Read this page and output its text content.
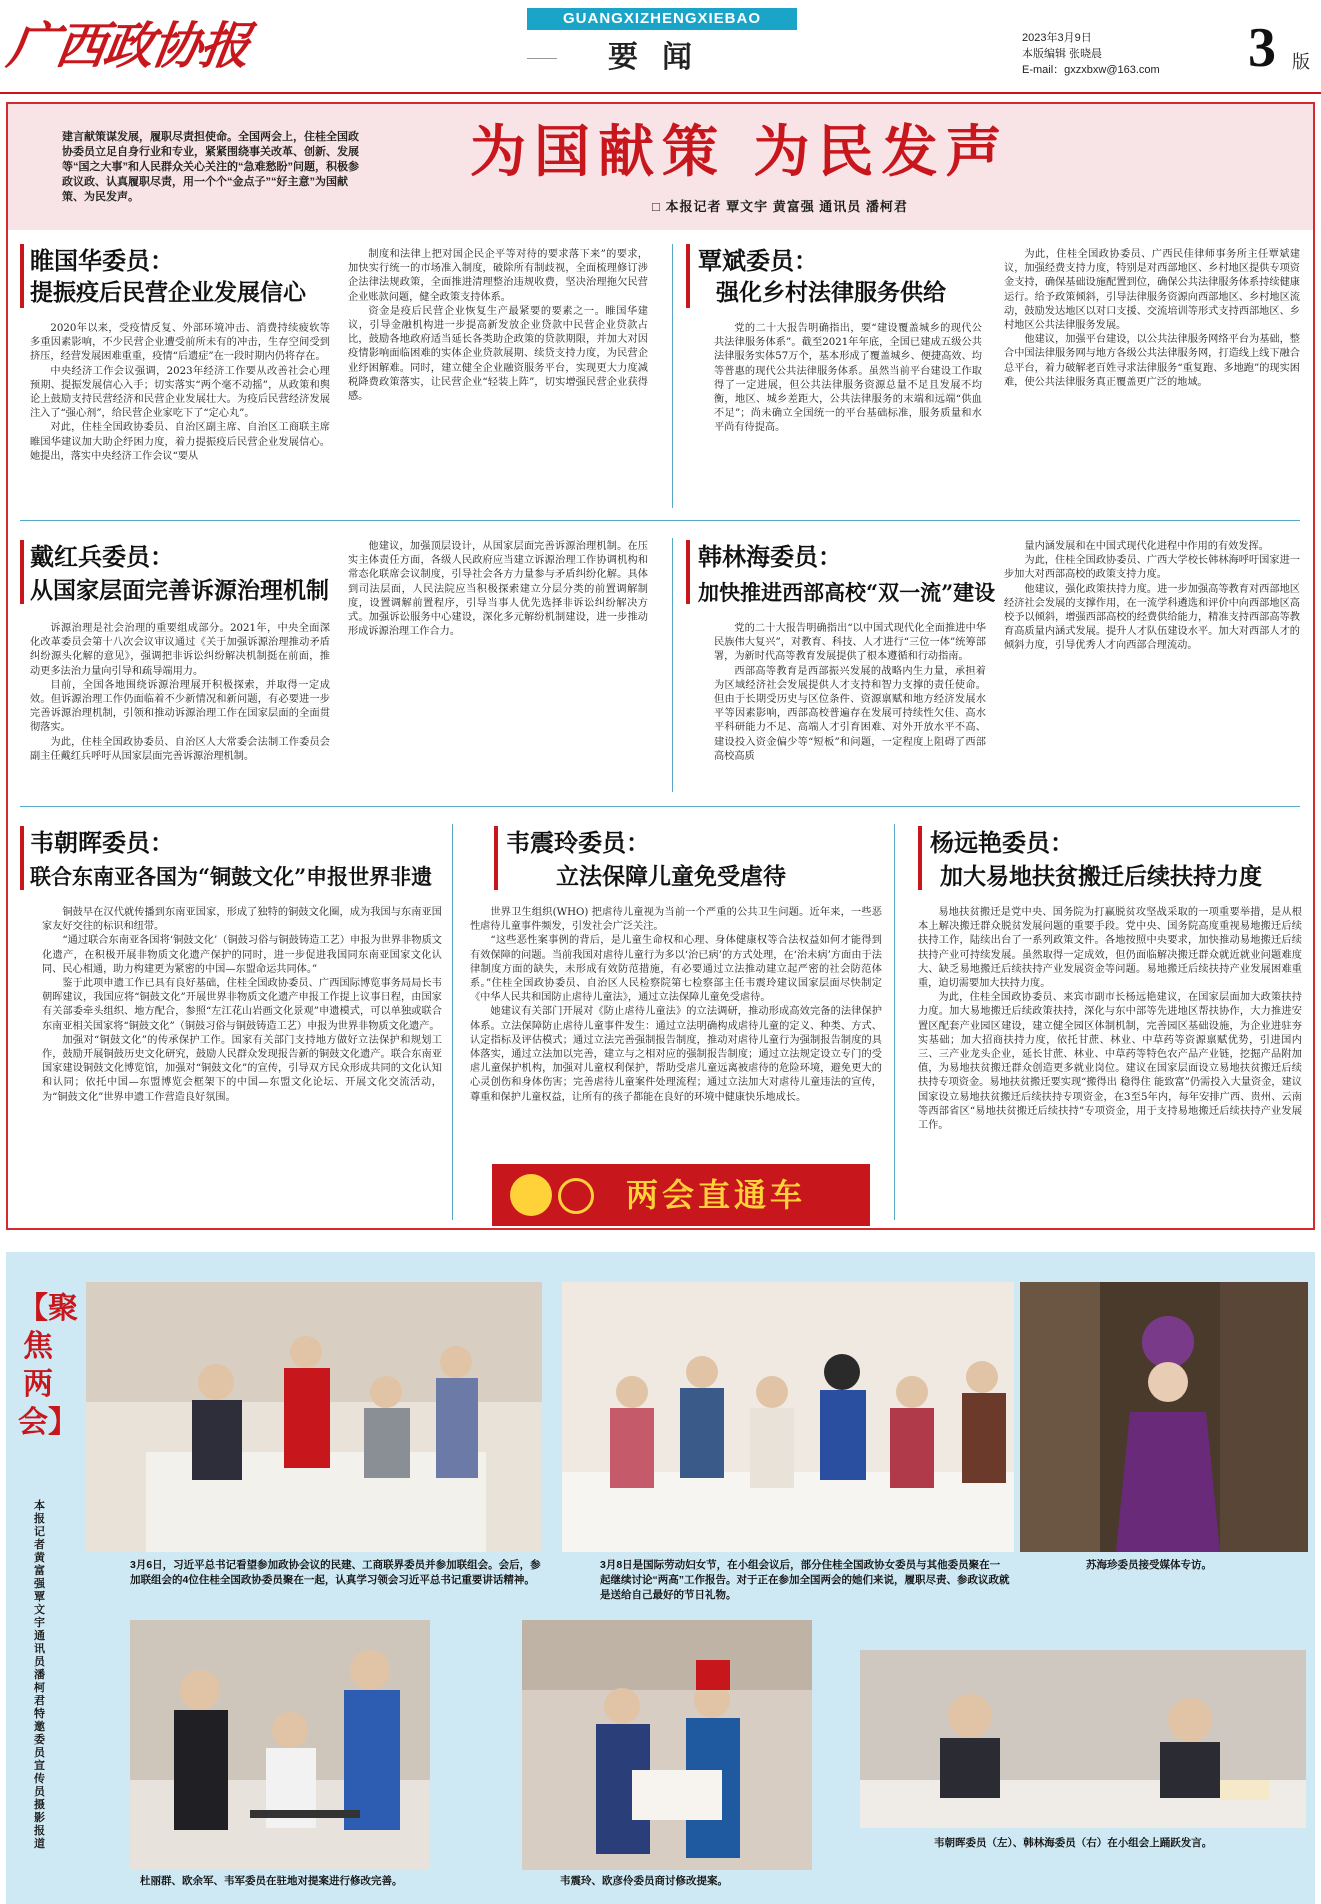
广西政协报	GUANGXIZHENGXIEBAO
要闻
2023年3月9日
本版编辑 张晓晨
E-mail：gxzxbxw@163.com 3 版
建言献策谋发展，履职尽责担使命。全国两会上，住桂全国政协委员立足自身行业和专业，紧紧围绕事关改革、创新、发展等“国之大事”和人民群众关心关注的“急难愁盼”问题，积极参政议政、认真履职尽责，用一个个“金点子”“好主意”为国献策、为民发声。
为国献策 为民发声
□ 本报记者 覃文宇 黄富强 通讯员 潘柯君
睢国华委员：
提振疫后民营企业发展信心

2020年以来，受疫情反复、外部环境冲击、消费持续疲软等多重因素影响，不少民营企业遭受前所未有的冲击，生存空间受到挤压，经营发展困难重重，疫情“后遗症”在一段时期内仍将存在。

中央经济工作会议强调，2023年经济工作要从改善社会心理预期、提振发展信心入手；切实落实“两个毫不动摇”，从政策和舆论上鼓励支持民营经济和民营企业发展壮大。为疫后民营经济发展注入了“强心剂”，给民营企业家吃下了“定心丸”。

对此，住桂全国政协委员、自治区副主席、自治区工商联主席睢国华建议加大助企纾困力度，着力提振疫后民营企业发展信心。她提出，落实中央经济工作会议“要从

制度和法律上把对国企民企平等对待的要求落下来”的要求，加快实行统一的市场准入制度，破除所有制歧视，全面梳理修订涉企法律法规政策，全面推进清理整治违规收费，坚决治理拖欠民营企业账款问题，健全政策支持体系。

资金是疫后民营企业恢复生产最紧要的要素之一。睢国华建议，引导金融机构进一步提高新发放企业贷款中民营企业贷款占比，鼓励各地政府适当延长各类助企政策的贷款期限，并加大对因疫情影响面临困难的实体企业贷款展期、续贷支持力度，为民营企业纾困解难。同时，建立健全企业融资服务平台，实现更大力度减税降费政策落实，让民营企业“轻装上阵”，切实增强民营企业获得感。

覃斌委员：
强化乡村法律服务供给

党的二十大报告明确指出，要“建设覆盖城乡的现代公共法律服务体系”。截至2021年年底，全国已建成五级公共法律服务实体57万个，基本形成了覆盖城乡、便捷高效、均等普惠的现代公共法律服务体系。虽然当前平台建设工作取得了一定进展，但公共法律服务资源总量不足且发展不均衡，地区、城乡差距大，公共法律服务的末端和远端“供血不足”；尚未确立全国统一的平台基础标准，服务质量和水平尚有待提高。

为此，住桂全国政协委员、广西民佳律师事务所主任覃斌建议，加强经费支持力度，特别是对西部地区、乡村地区提供专项资金支持，确保基础设施配置到位，确保公共法律服务体系持续健康运行。给予政策倾斜，引导法律服务资源向西部地区、乡村地区流动，鼓励发达地区以对口支援、交流培训等形式支持西部地区、乡村地区公共法律服务发展。

他建议，加强平台建设，以公共法律服务网络平台为基础，整合中国法律服务网与地方各级公共法律服务网，打造线上线下融合总平台，着力破解老百姓寻求法律服务“重复跑、多地跑”的现实困难，使公共法律服务真正覆盖更广泛的地域。

戴红兵委员：
从国家层面完善诉源治理机制

诉源治理是社会治理的重要组成部分。2021年，中央全面深化改革委员会第十八次会议审议通过《关于加强诉源治理推动矛盾纠纷源头化解的意见》，强调把非诉讼纠纷解决机制挺在前面，推动更多法治力量向引导和疏导端用力。

目前，全国各地围绕诉源治理展开积极探索，并取得一定成效。但诉源治理工作仍面临着不少新情况和新问题，有必要进一步完善诉源治理机制，引领和推动诉源治理工作在国家层面的全面贯彻落实。

为此，住桂全国政协委员、自治区人大常委会法制工作委员会副主任戴红兵呼吁从国家层面完善诉源治理机制。

他建议，加强顶层设计，从国家层面完善诉源治理机制。在压实主体责任方面，各级人民政府应当建立诉源治理工作协调机构和常态化联席会议制度，引导社会各方力量参与矛盾纠纷化解。具体到司法层面，人民法院应当积极探索建立分层分类的前置调解制度，设置调解前置程序，引导当事人优先选择非诉讼纠纷解决方式。加强诉讼服务中心建设，深化多元解纷机制建设，进一步推动形成诉源治理工作合力。

韩林海委员：
加快推进西部高校“双一流”建设

党的二十大报告明确指出“以中国式现代化全面推进中华民族伟大复兴”，对教育、科技、人才进行“三位一体”统筹部署，为新时代高等教育发展提供了根本遵循和行动指南。

西部高等教育是西部振兴发展的战略内生力量，承担着为区域经济社会发展提供人才支持和智力支撑的责任使命。但由于长期受历史与区位条件、资源禀赋和地方经济发展水平等因素影响，西部高校普遍存在发展可持续性欠佳、高水平科研能力不足、高端人才引育困难、对外开放水平不高、建设投入资金偏少等“短板”和问题，一定程度上阻碍了西部高校高质

量内涵发展和在中国式现代化进程中作用的有效发挥。

为此，住桂全国政协委员、广西大学校长韩林海呼吁国家进一步加大对西部高校的政策支持力度。

他建议，强化政策扶持力度。进一步加强高等教育对西部地区经济社会发展的支撑作用，在一流学科遴选和评价中向西部地区高校予以倾斜，增强西部高校的经费供给能力，精准支持西部高等教育高质量内涵式发展。提升人才队伍建设水平。加大对西部人才的倾斜力度，引导优秀人才向西部合理流动。

韦朝晖委员：
联合东南亚各国为“铜鼓文化”申报世界非遗

铜鼓早在汉代就传播到东南亚国家，形成了独特的铜鼓文化圈，成为我国与东南亚国家友好交往的标识和纽带。

“通过联合东南亚各国将‘铜鼓文化’（铜鼓习俗与铜鼓铸造工艺）申报为世界非物质文化遗产，在积极开展非物质文化遗产保护的同时，进一步促进我国同东南亚国家文化认同、民心相通，助力构建更为紧密的中国—东盟命运共同体。”

鉴于此项申遗工作已具有良好基础，住桂全国政协委员、广西国际博览事务局局长韦朝晖建议，我国应将“铜鼓文化”开展世界非物质文化遗产申报工作提上议事日程，由国家有关部委牵头组织、地方配合，参照“左江花山岩画文化景观”申遗模式，可以单独或联合东南亚相关国家将“铜鼓文化”（铜鼓习俗与铜鼓铸造工艺）申报为世界非物质文化遗产。

加强对“铜鼓文化”的传承保护工作。国家有关部门支持地方做好立法保护和规划工作，鼓励开展铜鼓历史文化研究，鼓励人民群众发现报告新的铜鼓文化遗产。联合东南亚国家建设铜鼓文化博览馆，加强对“铜鼓文化”的宣传，引导双方民众形成共同的文化认知和认同；依托中国—东盟博览会框架下的中国—东盟文化论坛、开展文化交流活动，为“铜鼓文化”世界申遗工作营造良好氛围。

韦震玲委员：
立法保障儿童免受虐待

世界卫生组织(WHO) 把虐待儿童视为当前一个严重的公共卫生问题。近年来，一些恶性虐待儿童事件频发，引发社会广泛关注。

“这些恶性案事例的背后，是儿童生命权和心理、身体健康权等合法权益如何才能得到有效保障的问题。当前我国对虐待儿童行为多以‘治已病’的方式处理，在‘治未病’方面由于法律制度方面的缺失，未形成有效防范措施，有必要通过立法推动建立起严密的社会防范体系。”住桂全国政协委员、自治区人民检察院第七检察部主任韦震玲建议国家层面尽快制定《中华人民共和国防止虐待儿童法》，通过立法保障儿童免受虐待。

她建议有关部门开展对《防止虐待儿童法》的立法调研，推动形成高效完备的法律保护体系。立法保障防止虐待儿童事件发生：通过立法明确构成虐待儿童的定义、种类、方式、认定指标及评估模式；通过立法完善强制报告制度，推动对虐待儿童行为强制报告制度的具体落实，通过立法加以完善，建立与之相对应的强制报告制度；通过立法规定设立专门的受虐儿童保护机构，加强对儿童权利保护，帮助受虐儿童远离被虐待的危险环境，避免更大的心灵创伤和身体伤害；完善虐待儿童案件处理流程；通过立法加大对虐待儿童违法的宣传，尊重和保护儿童权益，让所有的孩子都能在良好的环境中健康快乐地成长。

两会直通车
杨远艳委员：
加大易地扶贫搬迁后续扶持力度

易地扶贫搬迁是党中央、国务院为打赢脱贫攻坚战采取的一项重要举措，是从根本上解决搬迁群众脱贫发展问题的重要手段。党中央、国务院高度重视易地搬迁后续扶持工作，陆续出台了一系列政策文件。各地按照中央要求，加快推动易地搬迁后续扶持产业可持续发展。虽然取得一定成效，但仍面临解决搬迁群众就近就业问题难度大、缺乏易地搬迁后续扶持产业发展资金等问题。易地搬迁后续扶持产业发展困难重重，迫切需要加大扶持力度。

为此，住桂全国政协委员、来宾市副市长杨远艳建议，在国家层面加大政策扶持力度。加大易地搬迁后续政策扶持，深化与东中部等先进地区帮扶协作，大力推进安置区配套产业园区建设，建立健全园区体制机制，完善园区基础设施，为企业进驻夯实基础；加大招商扶持力度，依托甘蔗、林业、中草药等资源禀赋优势，引进国内三、三产业龙头企业，延长甘蔗、林业、中草药等特色农产品产业链，挖掘产品附加值，为易地扶贫搬迁群众创造更多就业岗位。建议在国家层面设立易地扶贫搬迁后续扶持专项资金。易地扶贫搬迁要实现“搬得出 稳得住 能致富”仍需投入大量资金，建议国家设立易地扶贫搬迁后续扶持专项资金，在3至5年内，每年安排广西、贵州、云南等西部省区“易地扶贫搬迁后续扶持”专项资金，用于支持易地搬迁后续扶持产业发展工作。

【聚焦两会】
本报记者 黄富强 覃文宇 通讯员 潘柯君 特邀委员宣传员 摄影报道
3月6日，习近平总书记看望参加政协会议的民建、工商联界委员并参加联组会。会后，参加联组会的4位住桂全国政协委员聚在一起，认真学习领会习近平总书记重要讲话精神。
3月8日是国际劳动妇女节，在小组会议后，部分住桂全国政协女委员与其他委员聚在一起继续讨论“两高”工作报告。对于正在参加全国两会的她们来说，履职尽责、参政议政就是送给自己最好的节日礼物。
苏海珍委员接受媒体专访。
杜丽群、欧余军、韦军委员在驻地对提案进行修改完善。	韦震玲、欧彦伶委员商讨修改提案。
韦朝晖委员（左）、韩林海委员（右）在小组会上踊跃发言。
